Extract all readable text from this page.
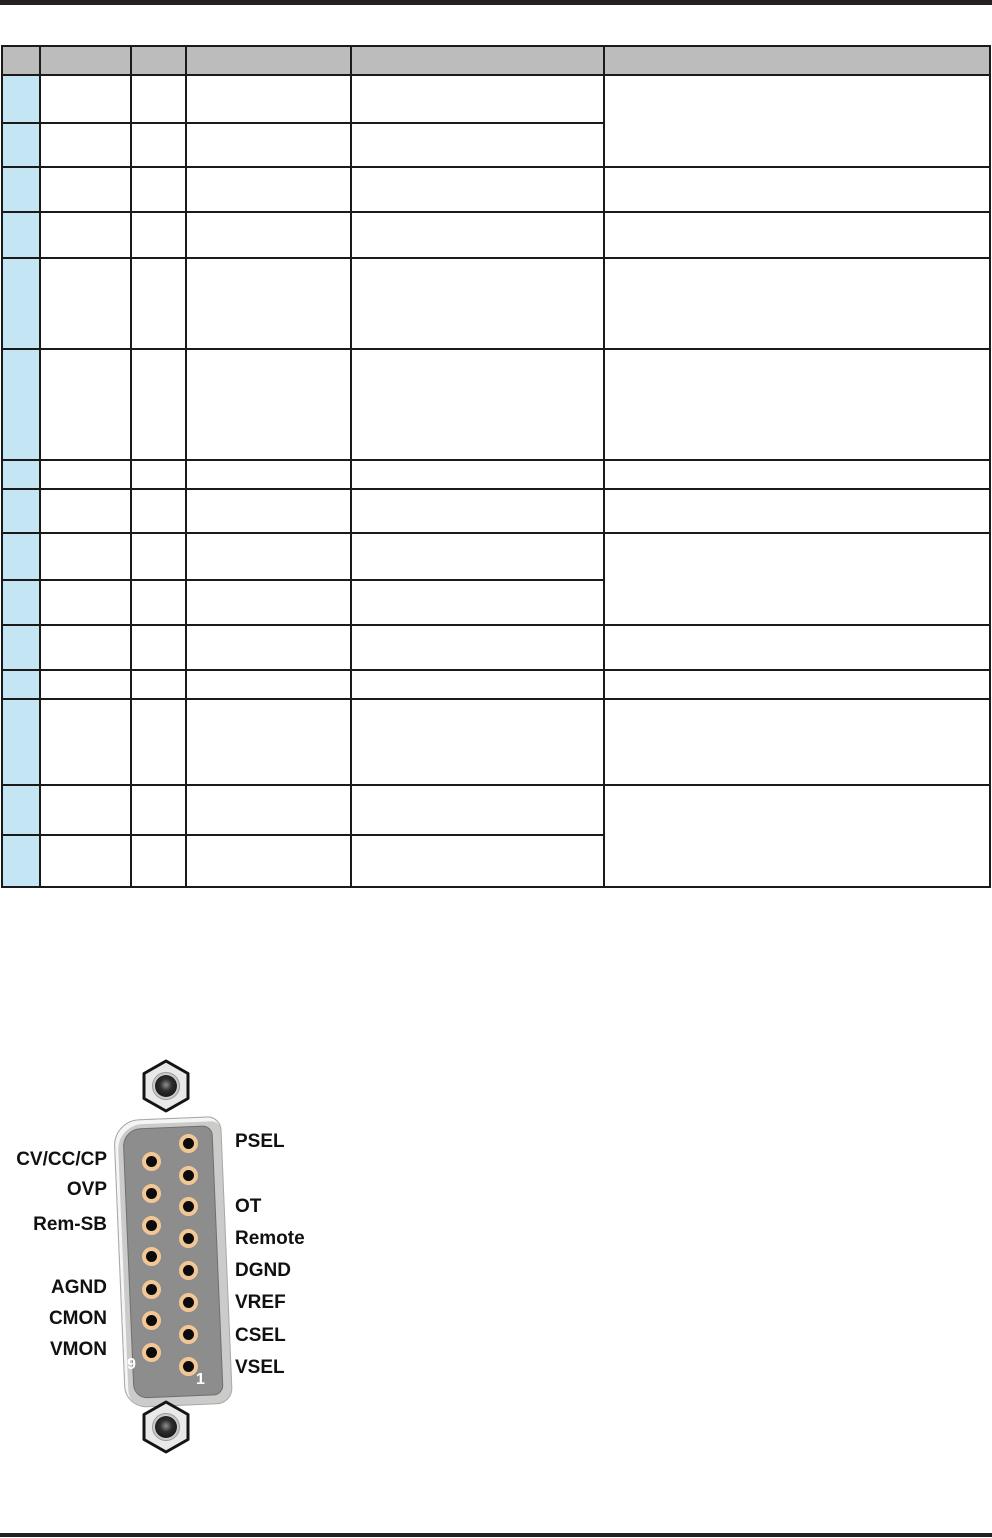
CV/CC/CP
OVP
Rem-SB
AGND
CMON
VMON
PSEL
OT
Remote
DGND
VREF
CSEL
VSEL
9
1
